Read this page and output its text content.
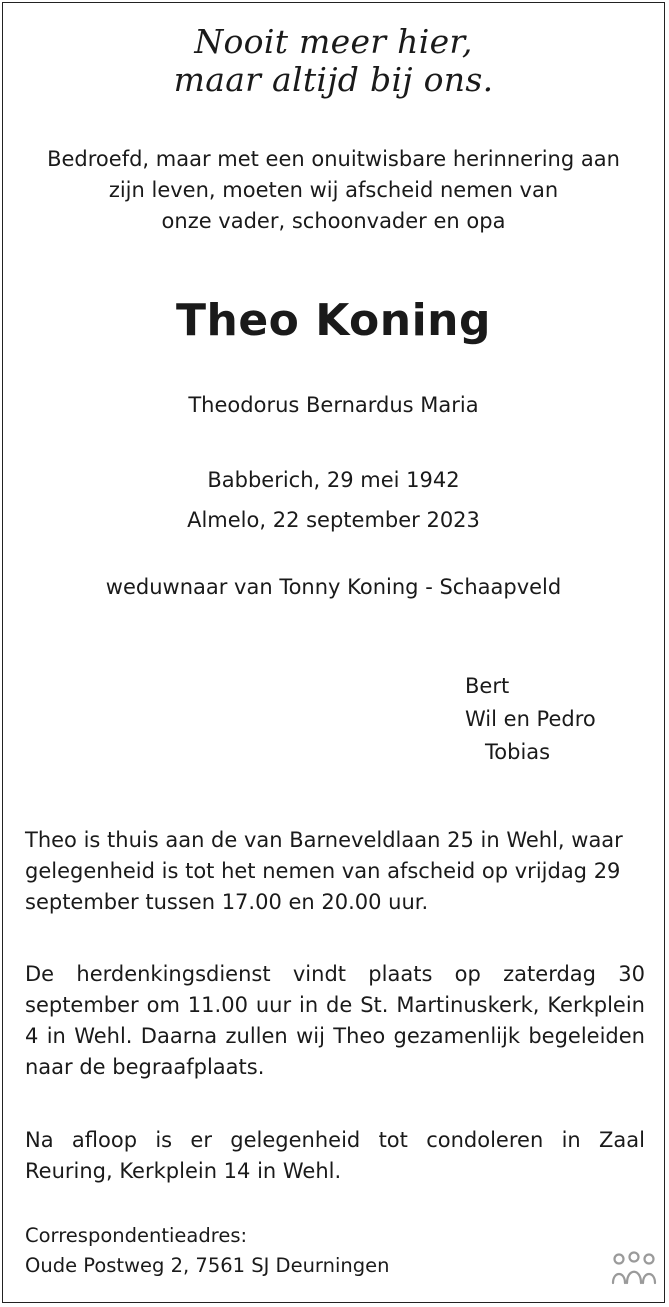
Nooit meer hier,
maar altijd bij ons.
Bedroefd, maar met een onuitwisbare herinnering aan
zijn leven, moeten wij afscheid nemen van
onze vader, schoonvader en opa
Theo Koning
Theodorus Bernardus Maria
Babberich, 29 mei 1942
Almelo, 22 september 2023
weduwnaar van Tonny Koning - Schaapveld
Bert
Wil en Pedro
Tobias
Theo is thuis aan de van Barneveldlaan 25 in Wehl, waar gelegenheid is tot het nemen van afscheid op vrijdag 29 september tussen 17.00 en 20.00 uur.
De herdenkingsdienst vindt plaats op zaterdag 30 september om 11.00 uur in de St. Martinuskerk, Kerkplein 4 in Wehl. Daarna zullen wij Theo gezamenlijk begeleiden naar de begraafplaats.
Na afloop is er gelegenheid tot condoleren in Zaal Reuring, Kerkplein 14 in Wehl.
Correspondentieadres:
Oude Postweg 2, 7561 SJ Deurningen
